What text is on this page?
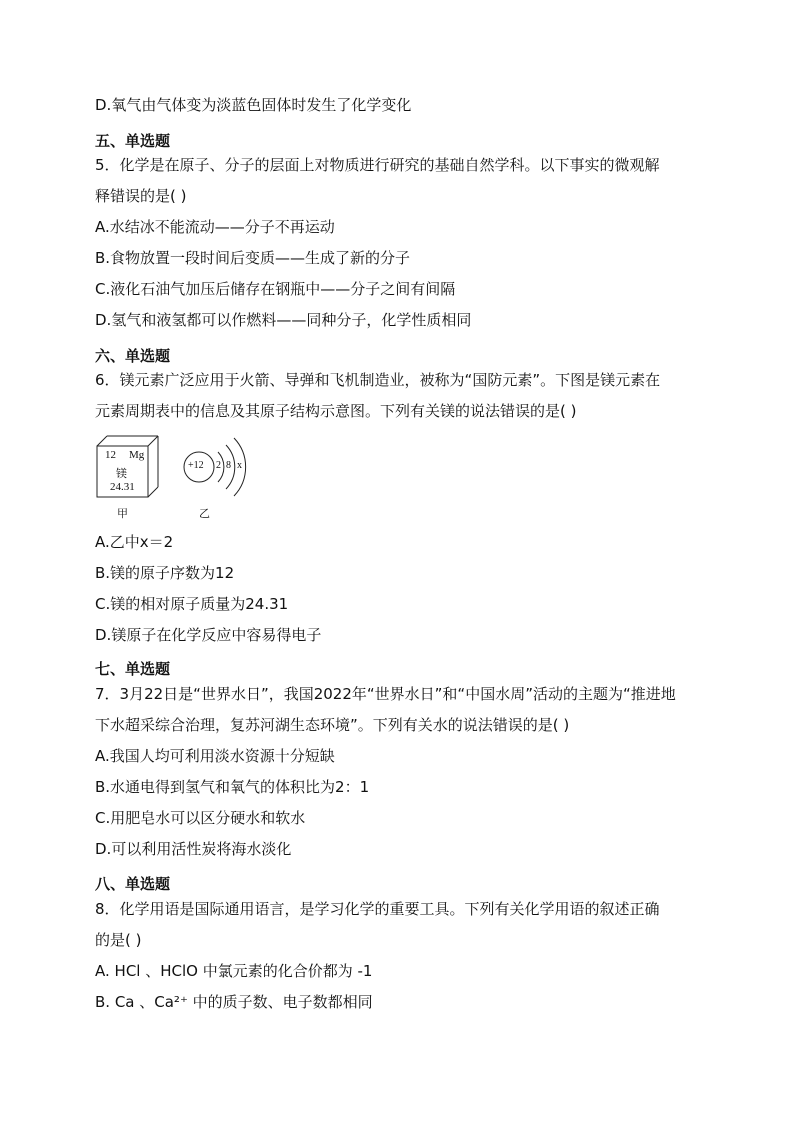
D.氧气由气体变为淡蓝色固体时发生了化学变化
五、单选题
5．化学是在原子、分子的层面上对物质进行研究的基础自然学科。以下事实的微观解
释错误的是( )
A.水结冰不能流动——分子不再运动
B.食物放置一段时间后变质——生成了新的分子
C.液化石油气加压后储存在钢瓶中——分子之间有间隔
D.氢气和液氢都可以作燃料——同种分子，化学性质相同
六、单选题
6．镁元素广泛应用于火箭、导弹和飞机制造业，被称为“国防元素”。下图是镁元素在
元素周期表中的信息及其原子结构示意图。下列有关镁的说法错误的是( )
12 Mg
镁
24.31
甲
+12 2 8 x
乙
A.乙中x＝2
B.镁的原子序数为12
C.镁的相对原子质量为24.31
D.镁原子在化学反应中容易得电子
七、单选题
7．3月22日是“世界水日”，我国2022年“世界水日”和“中国水周”活动的主题为“推进地
下水超采综合治理，复苏河湖生态环境”。下列有关水的说法错误的是( )
A.我国人均可利用淡水资源十分短缺
B.水通电得到氢气和氧气的体积比为2：1
C.用肥皂水可以区分硬水和软水
D.可以利用活性炭将海水淡化
八、单选题
8．化学用语是国际通用语言，是学习化学的重要工具。下列有关化学用语的叙述正确
的是( )
A. HCl 、HClO 中氯元素的化合价都为 -1
B. Ca 、Ca²⁺ 中的质子数、电子数都相同
